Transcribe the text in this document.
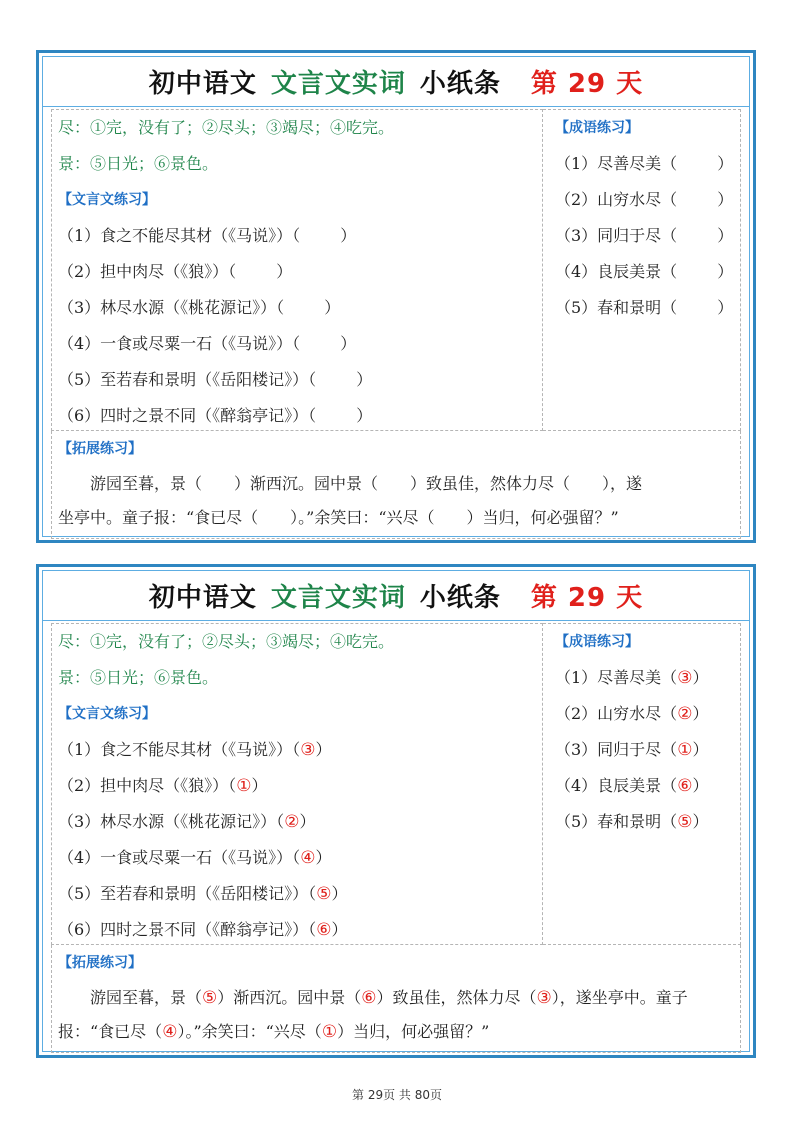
初中语文 文言文实词 小纸条 第 29 天
尽：①完，没有了；②尽头；③竭尽；④吃完。
景：⑤日光；⑥景色。
【文言文练习】
（1）食之不能尽其材（《马说》）（	）
（2）担中肉尽（《狼》）（	）
（3）林尽水源（《桃花源记》）（	）
（4）一食或尽粟一石（《马说》）（	）
（5）至若春和景明（《岳阳楼记》）（	）
（6）四时之景不同（《醉翁亭记》）（	）
【成语练习】
（1）尽善尽美（	）
（2）山穷水尽（	）
（3）同归于尽（	）
（4）良辰美景（	）
（5）春和景明（	）
【拓展练习】
游园至暮，景（　　）渐西沉。园中景（　　）致虽佳，然体力尽（　　），遂
坐亭中。童子报：“食已尽（　　）。”余笑曰：“兴尽（　　）当归，何必强留？”
初中语文 文言文实词 小纸条 第 29 天
尽：①完，没有了；②尽头；③竭尽；④吃完。
景：⑤日光；⑥景色。
【文言文练习】
（1）食之不能尽其材（《马说》）（③）
（2）担中肉尽（《狼》）（①）
（3）林尽水源（《桃花源记》）（②）
（4）一食或尽粟一石（《马说》）（④）
（5）至若春和景明（《岳阳楼记》）（⑤）
（6）四时之景不同（《醉翁亭记》）（⑥）
【成语练习】
（1）尽善尽美（③）
（2）山穷水尽（②）
（3）同归于尽（①）
（4）良辰美景（⑥）
（5）春和景明（⑤）
【拓展练习】
游园至暮，景（⑤）渐西沉。园中景（⑥）致虽佳，然体力尽（③），遂坐亭中。童子报：“食已尽（④）。”余笑曰：“兴尽（①）当归，何必强留？”
第 29页 共 80页
